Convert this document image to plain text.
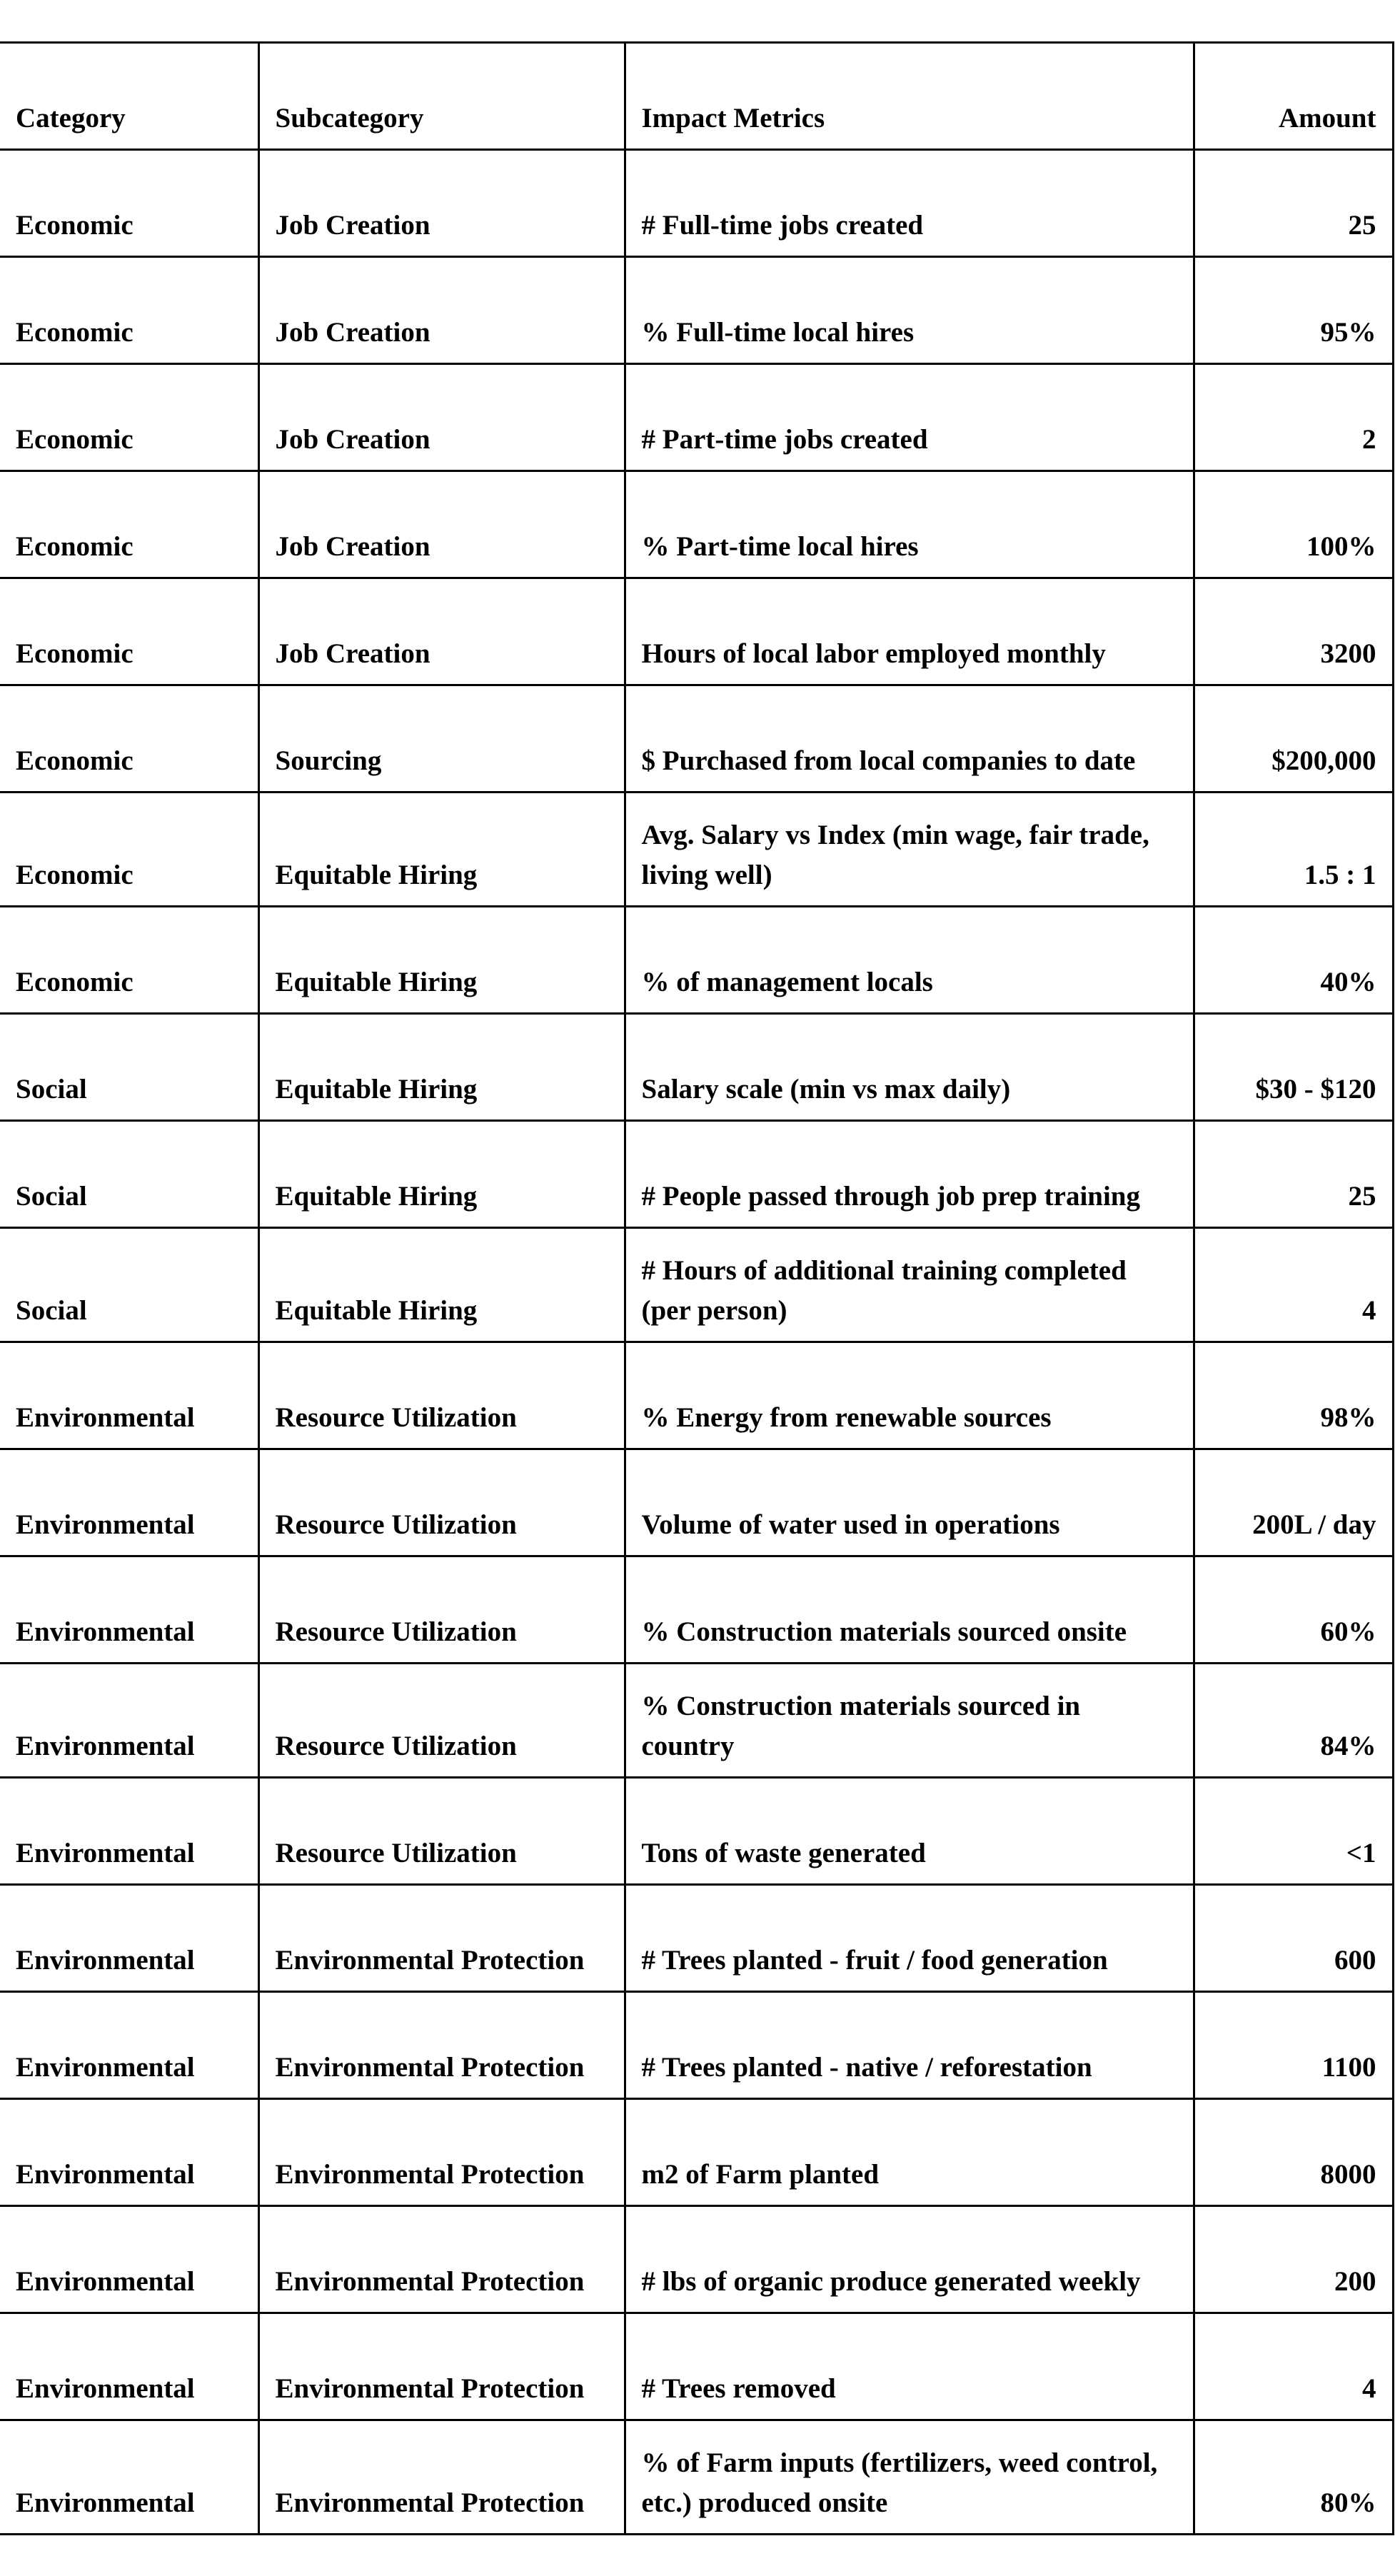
Category	Subcategory	Impact Metrics	Amount
Economic	Job Creation	# Full-time jobs created	25
Economic	Job Creation	% Full-time local hires	95%
Economic	Job Creation	# Part-time jobs created	2
Economic	Job Creation	% Part-time local hires	100%
Economic	Job Creation	Hours of local labor employed monthly	3200
Economic	Sourcing	$ Purchased from local companies to date	$200,000
Economic	Equitable Hiring	Avg. Salary vs Index (min wage, fair trade, living well)	1.5 : 1
Economic	Equitable Hiring	% of management locals	40%
Social	Equitable Hiring	Salary scale (min vs max daily)	$30 - $120
Social	Equitable Hiring	# People passed through job prep training	25
Social	Equitable Hiring	# Hours of additional training completed (per person)	4
Environmental	Resource Utilization	% Energy from renewable sources	98%
Environmental	Resource Utilization	Volume of water used in operations	200L / day
Environmental	Resource Utilization	% Construction materials sourced onsite	60%
Environmental	Resource Utilization	% Construction materials sourced in country	84%
Environmental	Resource Utilization	Tons of waste generated	<1
Environmental	Environmental Protection	# Trees planted - fruit / food generation	600
Environmental	Environmental Protection	# Trees planted - native / reforestation	1100
Environmental	Environmental Protection	m2 of Farm planted	8000
Environmental	Environmental Protection	# lbs of organic produce generated weekly	200
Environmental	Environmental Protection	# Trees removed	4
Environmental	Environmental Protection	% of Farm inputs (fertilizers, weed control, etc.) produced onsite	80%
